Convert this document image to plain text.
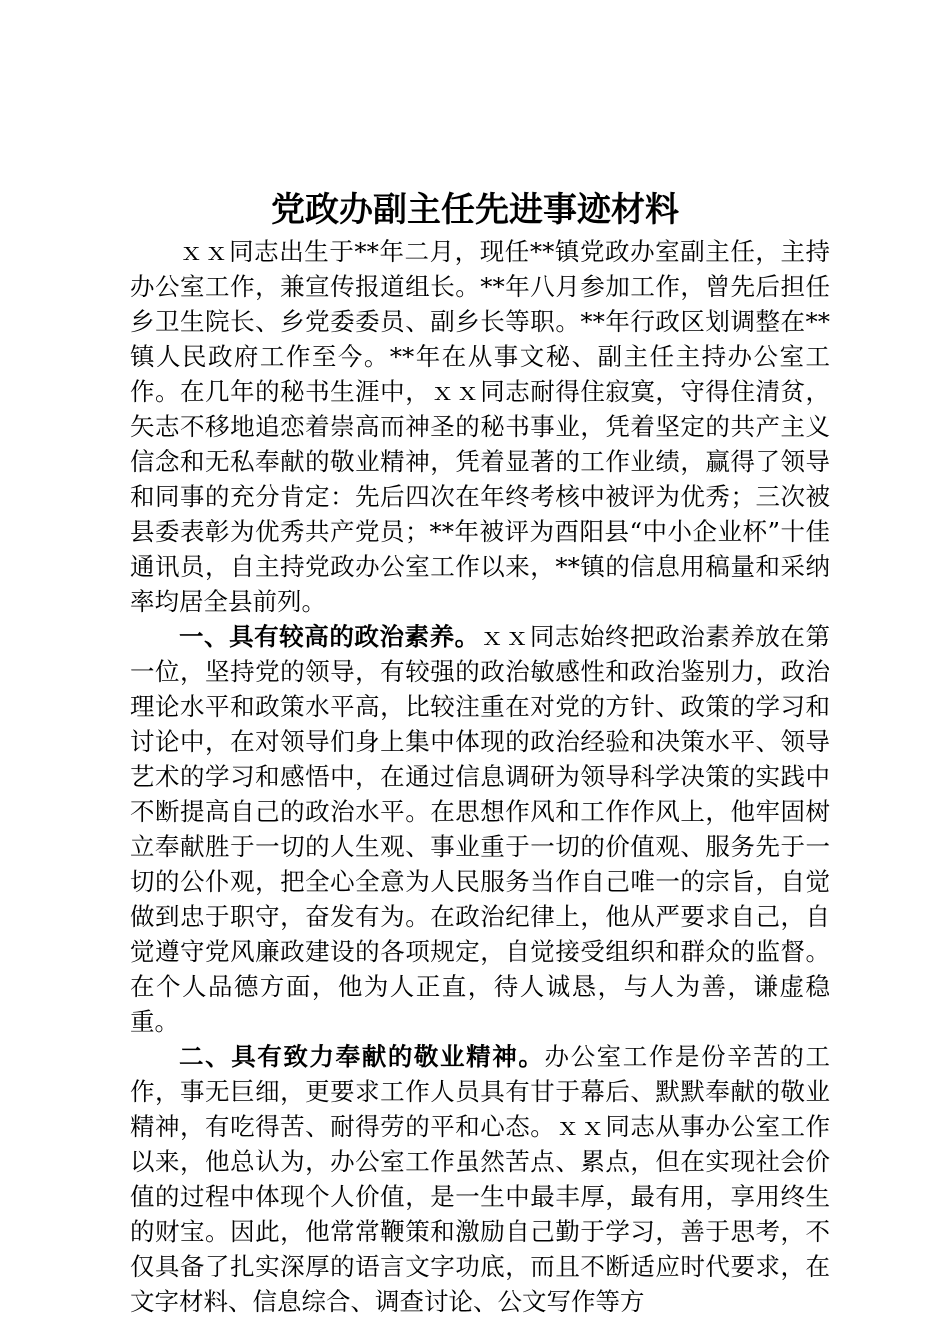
党政办副主任先进事迹材料

ｘｘ同志出生于**年二月，现任**镇党政办室副主任，主持办公室工作，兼宣传报道组长。**年八月参加工作，曾先后担任乡卫生院长、乡党委委员、副乡长等职。**年行政区划调整在**镇人民政府工作至今。**年在从事文秘、副主任主持办公室工作。在几年的秘书生涯中，ｘｘ同志耐得住寂寞，守得住清贫，矢志不移地追恋着崇高而神圣的秘书事业，凭着坚定的共产主义信念和无私奉献的敬业精神，凭着显著的工作业绩，赢得了领导和同事的充分肯定：先后四次在年终考核中被评为优秀；三次被县委表彰为优秀共产党员；**年被评为酉阳县“中小企业杯”十佳通讯员，自主持党政办公室工作以来，**镇的信息用稿量和采纳率均居全县前列。

一、具有较高的政治素养。ｘｘ同志始终把政治素养放在第一位，坚持党的领导，有较强的政治敏感性和政治鉴别力，政治理论水平和政策水平高，比较注重在对党的方针、政策的学习和讨论中，在对领导们身上集中体现的政治经验和决策水平、领导艺术的学习和感悟中，在通过信息调研为领导科学决策的实践中不断提高自己的政治水平。在思想作风和工作作风上，他牢固树立奉献胜于一切的人生观、事业重于一切的价值观、服务先于一切的公仆观，把全心全意为人民服务当作自己唯一的宗旨，自觉做到忠于职守，奋发有为。在政治纪律上，他从严要求自己，自觉遵守党风廉政建设的各项规定，自觉接受组织和群众的监督。在个人品德方面，他为人正直，待人诚恳，与人为善，谦虚稳重。

二、具有致力奉献的敬业精神。办公室工作是份辛苦的工作，事无巨细，更要求工作人员具有甘于幕后、默默奉献的敬业精神，有吃得苦、耐得劳的平和心态。ｘｘ同志从事办公室工作以来，他总认为，办公室工作虽然苦点、累点，但在实现社会价值的过程中体现个人价值，是一生中最丰厚，最有用，享用终生的财宝。因此，他常常鞭策和激励自己勤于学习，善于思考，不仅具备了扎实深厚的语言文字功底，而且不断适应时代要求，在文字材料、信息综合、调查讨论、公文写作等方
